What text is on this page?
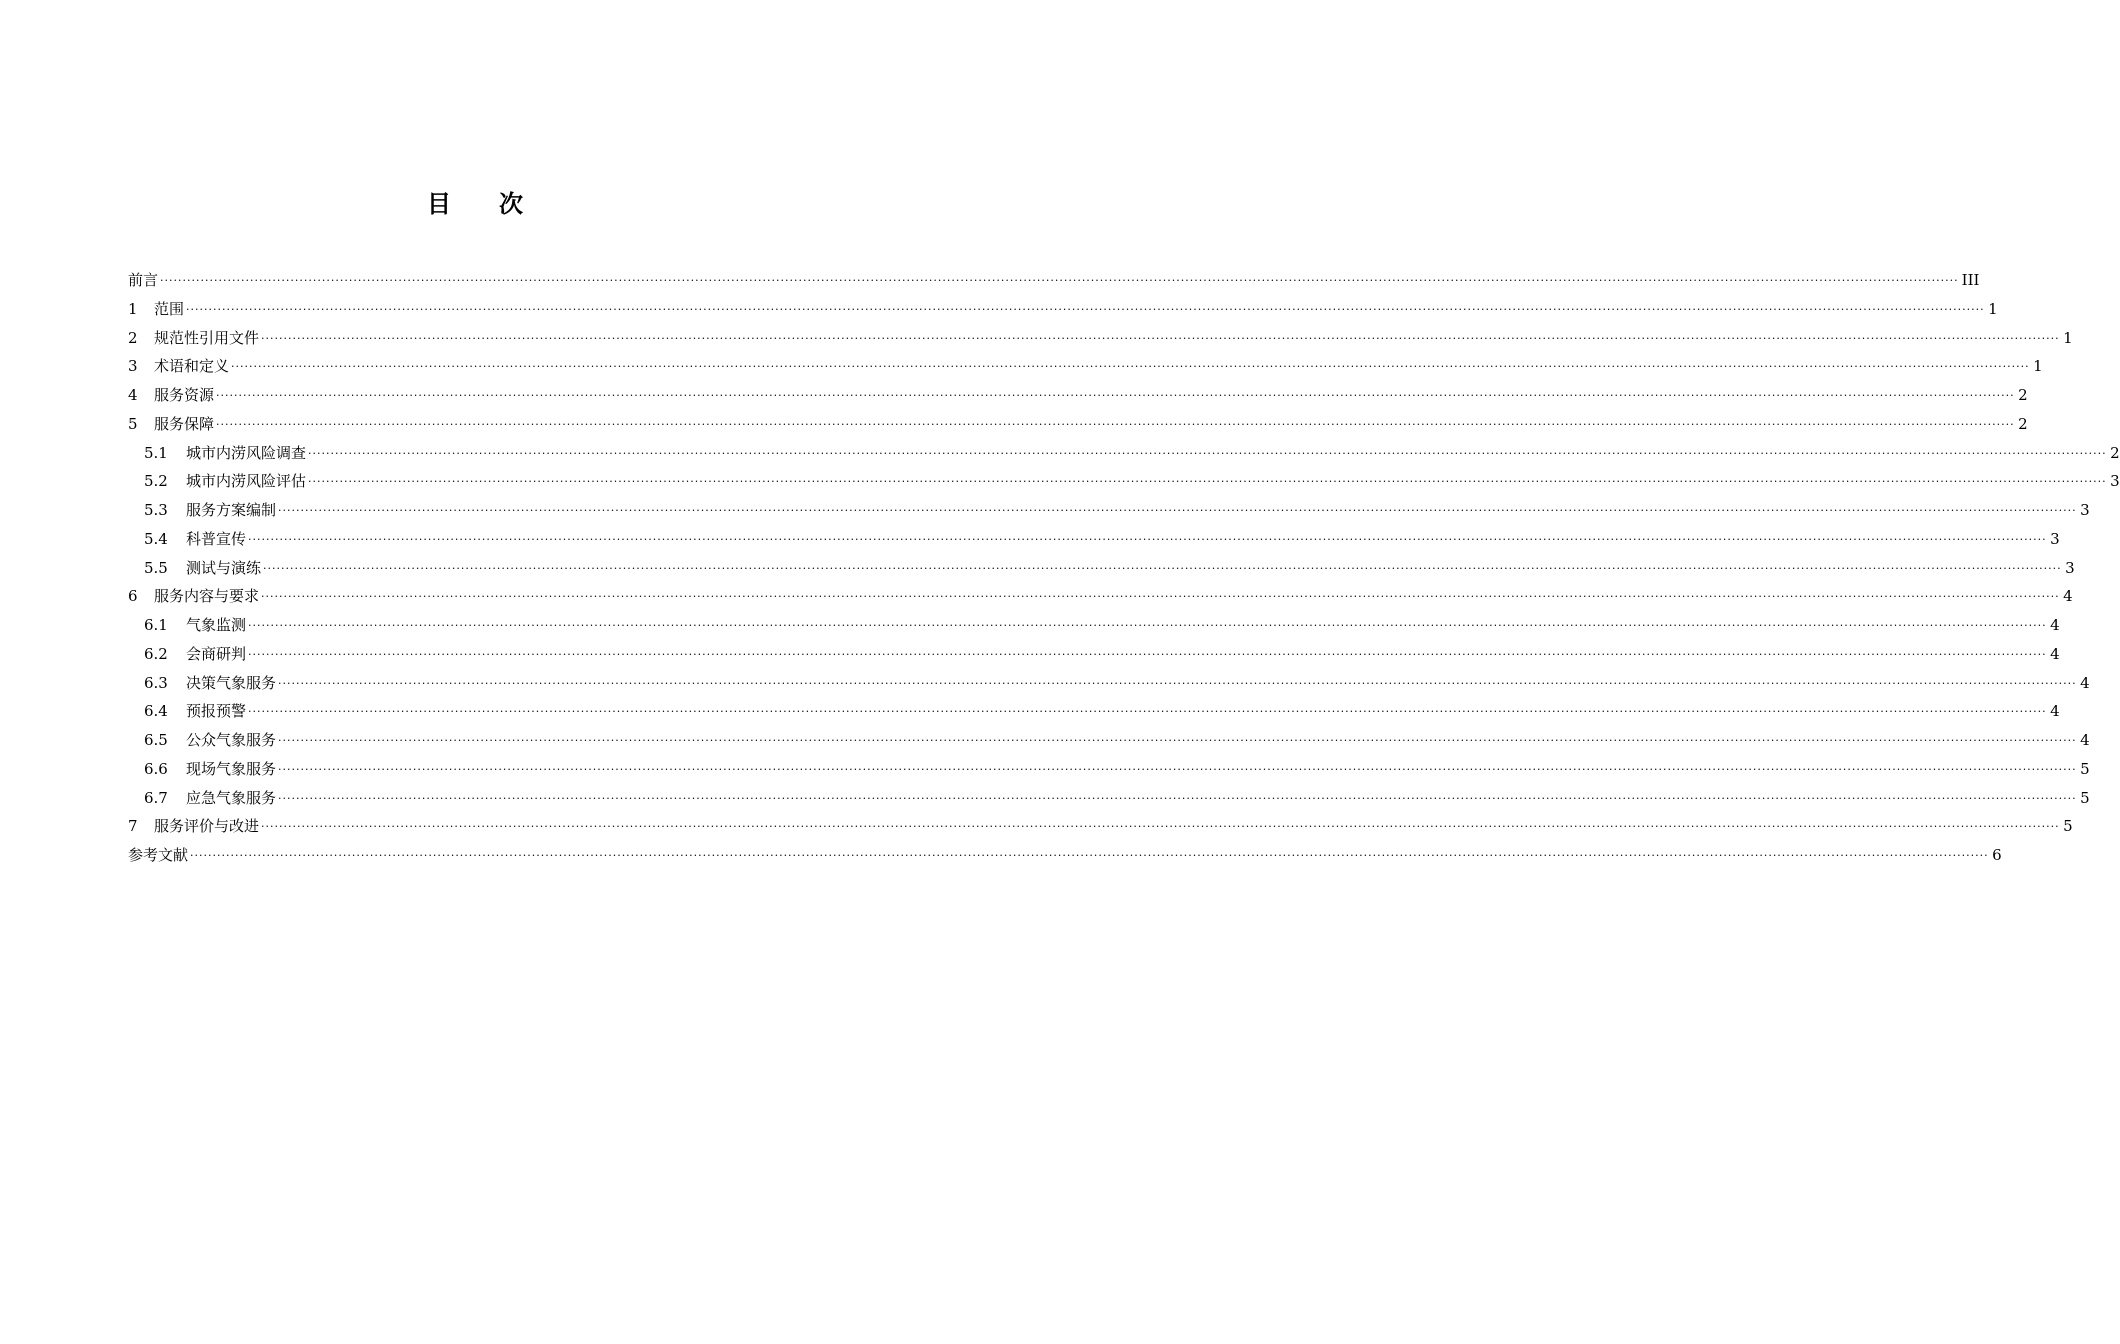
目次
前言 ················································································································································································································································································································································································································ III
1	范围 ················································································································································································································································································································································································································ 1
2	规范性引用文件 ················································································································································································································································································································································································································ 1
3	术语和定义 ················································································································································································································································································································································································································ 1
4	服务资源 ················································································································································································································································································································································································································ 2
5	服务保障 ················································································································································································································································································································································································································ 2
5.1	城市内涝风险调查 ················································································································································································································································································································································································································ 2
5.2	城市内涝风险评估 ················································································································································································································································································································································································································ 3
5.3	服务方案编制 ················································································································································································································································································································································································································ 3
5.4	科普宣传 ················································································································································································································································································································································································································ 3
5.5	测试与演练 ················································································································································································································································································································································································································ 3
6	服务内容与要求 ················································································································································································································································································································································································································ 4
6.1	气象监测 ················································································································································································································································································································································································································ 4
6.2	会商研判 ················································································································································································································································································································································································································ 4
6.3	决策气象服务 ················································································································································································································································································································································································································ 4
6.4	预报预警 ················································································································································································································································································································································································································ 4
6.5	公众气象服务 ················································································································································································································································································································································································································ 4
6.6	现场气象服务 ················································································································································································································································································································································································································ 5
6.7	应急气象服务 ················································································································································································································································································································································································································ 5
7	服务评价与改进 ················································································································································································································································································································································································································ 5
参考文献 ················································································································································································································································································································································································································ 6
